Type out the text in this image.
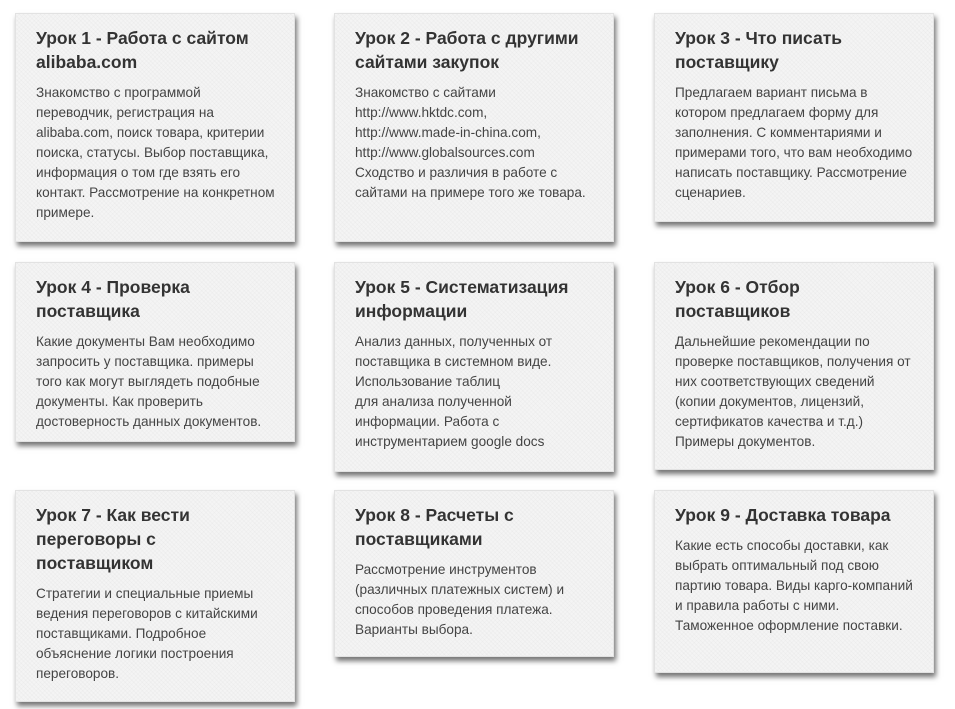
Урок 1 - Работа с сайтом alibaba.com

Знакомство с программой переводчик, регистрация на alibaba.com, поиск товара, критерии поиска, статусы. Выбор поставщика, информация о том где взять его контакт. Рассмотрение на конкретном примере.

Урок 2 - Работа с другими сайтами закупок

Знакомство с сайтами
http://www.hktdc.com,
http://www.made-in-china.com,
http://www.globalsources.com
Сходство и различия в работе с сайтами на примере того же товара.

Урок 3 - Что писать поставщику

Предлагаем вариант письма в котором предлагаем форму для заполнения. С комментариями и примерами того, что вам необходимо написать поставщику. Рассмотрение сценариев.

Урок 4 - Проверка поставщика

Какие документы Вам необходимо запросить у поставщика. примеры того как могут выглядеть подобные документы. Как проверить достоверность данных документов.

Урок 5 - Систематизация информации

Анализ данных, полученных от поставщика в системном виде. Использование таблиц
для анализа полученной информации. Работа с инструментарием google docs

Урок 6 - Отбор поставщиков

Дальнейшие рекомендации по проверке поставщиков, получения от них соответствующих сведений (копии документов, лицензий, сертификатов качества и т.д.)
Примеры документов.

Урок 7 - Как вести переговоры с поставщиком

Стратегии и специальные приемы ведения переговоров с китайскими поставщиками. Подробное объяснение логики построения переговоров.

Урок 8 - Расчеты с поставщиками

Рассмотрение инструментов (различных платежных систем) и способов проведения платежа. Варианты выбора.

Урок 9 - Доставка товара

Какие есть способы доставки, как выбрать оптимальный под свою партию товара. Виды карго-компаний и правила работы с ними. Таможенное оформление поставки.
